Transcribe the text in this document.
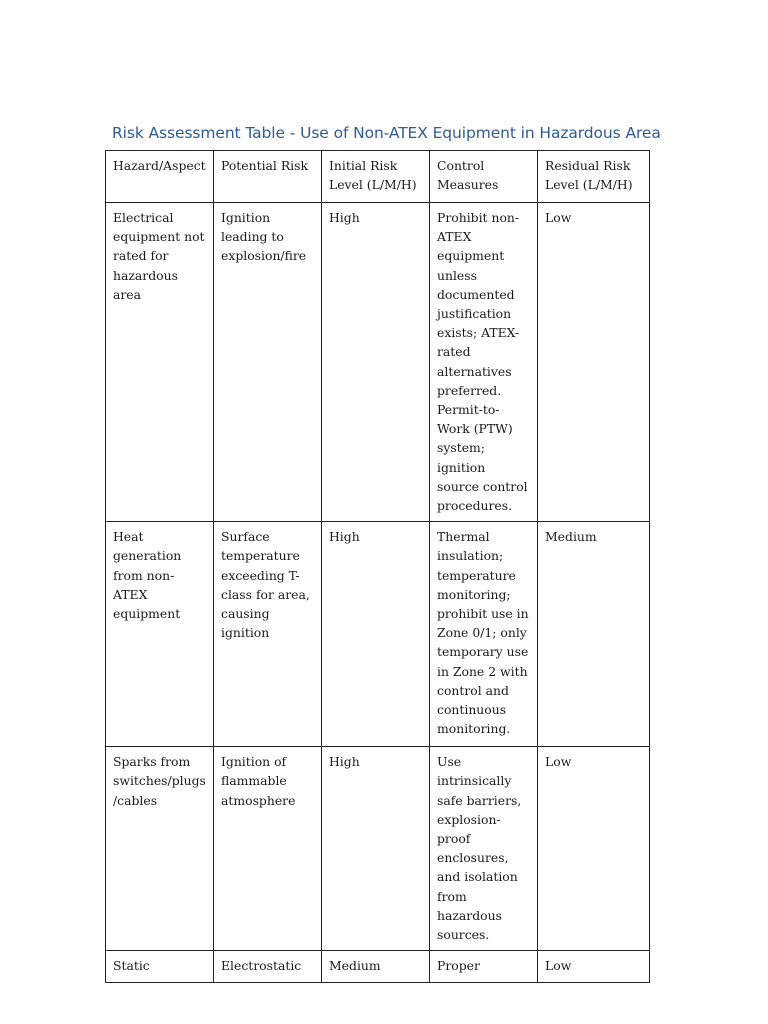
Risk Assessment Table - Use of Non-ATEX Equipment in Hazardous Area
Hazard/Aspect	Potential Risk	Initial Risk Level (L/M/H)	Control Measures	Residual Risk Level (L/M/H)
Electrical equipment not rated for hazardous area	Ignition leading to explosion/fire	High	Prohibit non-ATEX equipment unless documented justification exists; ATEX-rated alternatives preferred. Permit-to-Work (PTW) system; ignition source control procedures.	Low
Heat generation from non-ATEX equipment	Surface temperature exceeding T-class for area, causing ignition	High	Thermal insulation; temperature monitoring; prohibit use in Zone 0/1; only temporary use in Zone 2 with control and continuous monitoring.	Medium
Sparks from switches/plugs /cables	Ignition of flammable atmosphere	High	Use intrinsically safe barriers, explosion-proof enclosures, and isolation from hazardous sources.	Low
Static	Electrostatic	Medium	Proper	Low
